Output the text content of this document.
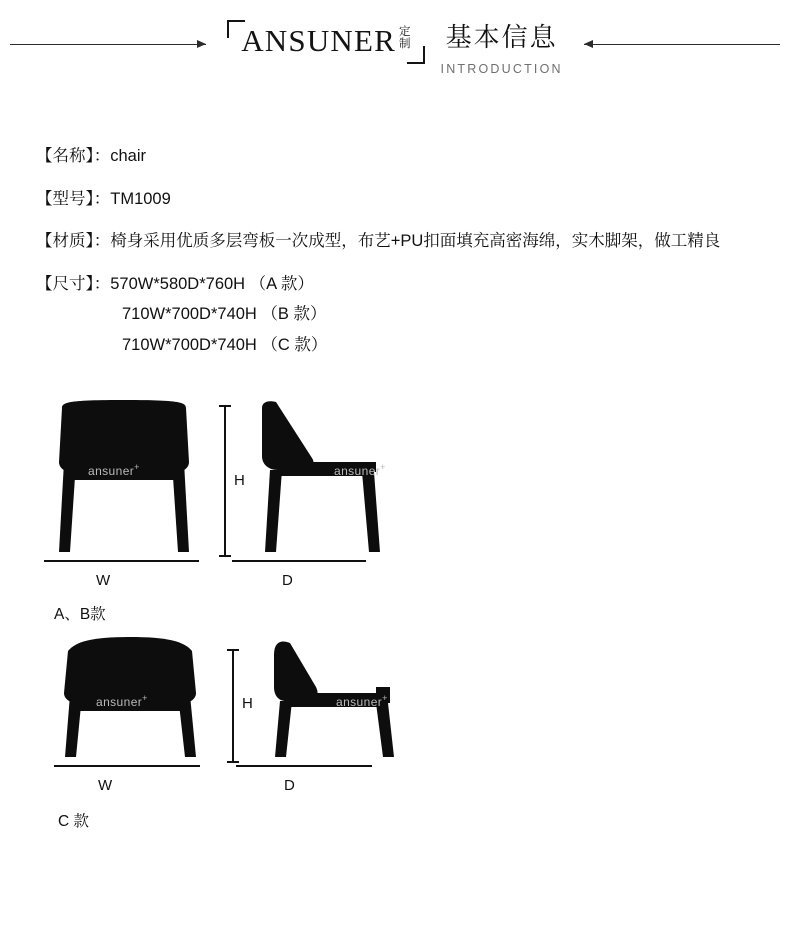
ANSUNER 定
制 基本信息
INTRODUCTION
【名称】：chair
【型号】：TM1009
【材质】：椅身采用优质多层弯板一次成型，布艺+PU扣面填充高密海绵，实木脚架，做工精良
【尺寸】：570W*580D*760H （A 款）
710W*700D*740H （B 款）
710W*700D*740H （C 款）
ansuner+
W
H
ansuner+
D
A、B款
ansuner+
W
H	ansuner+
D
C 款
